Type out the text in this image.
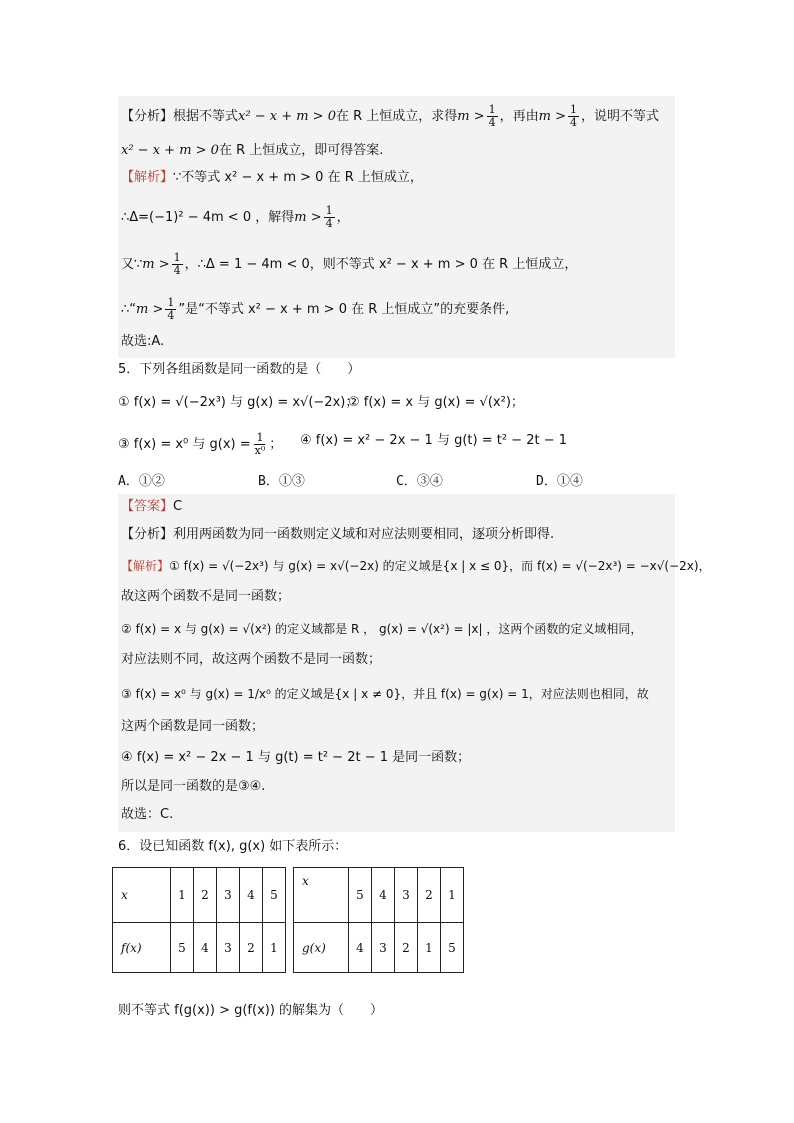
【分析】根据不等式x² − x + m > 0在 R 上恒成立，求得$m > \frac{1}{4}$ ，再由$m > \frac{1}{4}$ ，说明不等式
x² − x + m > 0在 R 上恒成立，即可得答案.
【解析】∵不等式 x² − x + m > 0 在 R 上恒成立，
∴Δ=(−1)² − 4m < 0 ，解得$m > \frac{1}{4}$ ，
又∵m > $\frac{1}{4}$ ，∴Δ = 1 − 4m < 0，则不等式 x² − x + m > 0 在 R 上恒成立，
∴“m > $\frac{1}{4}$ ”是“不等式 x² − x + m > 0 在 R 上恒成立”的充要条件,
故选:A.
5．下列各组函数是同一函数的是（　　）
① f(x) = √(−2x³) 与 g(x) = x√(−2x)；
② f(x) = x 与 g(x) = √(x²)；
③ f(x) = x⁰ 与 $g(x) = \frac{1}{\text{x⁰}}$ ； ④ f(x) = x² − 2x − 1 与 g(t) = t² − 2t − 1
A．①②	B．①③	C．③④	D．①④
【答案】C
【分析】利用两函数为同一函数则定义域和对应法则要相同，逐项分析即得.
【解析】① f(x) = √(−2x³) 与 g(x) = x√(−2x) 的定义域是{x | x ≤ 0}，而 f(x) = √(−2x³) = −x√(−2x)，
故这两个函数不是同一函数；
② f(x) = x 与 g(x) = √(x²) 的定义域都是 R ， g(x) = √(x²) = |x| ，这两个函数的定义域相同，
对应法则不同，故这两个函数不是同一函数；
③ f(x) = x⁰ 与 g(x) = 1/x⁰ 的定义域是{x | x ≠ 0}，并且 f(x) = g(x) = 1，对应法则也相同，故
这两个函数是同一函数；
④ f(x) = x² − 2x − 1 与 g(t) = t² − 2t − 1 是同一函数；
所以是同一函数的是③④.
故选：C.
6．设已知函数 f(x), g(x) 如下表所示：
x	1	2	3	4	5
f(x)	5	4	3	2	1
x	5	4	3	2	1
g(x)	4	3	2	1	5
则不等式 f(g(x)) > g(f(x)) 的解集为（　　）
